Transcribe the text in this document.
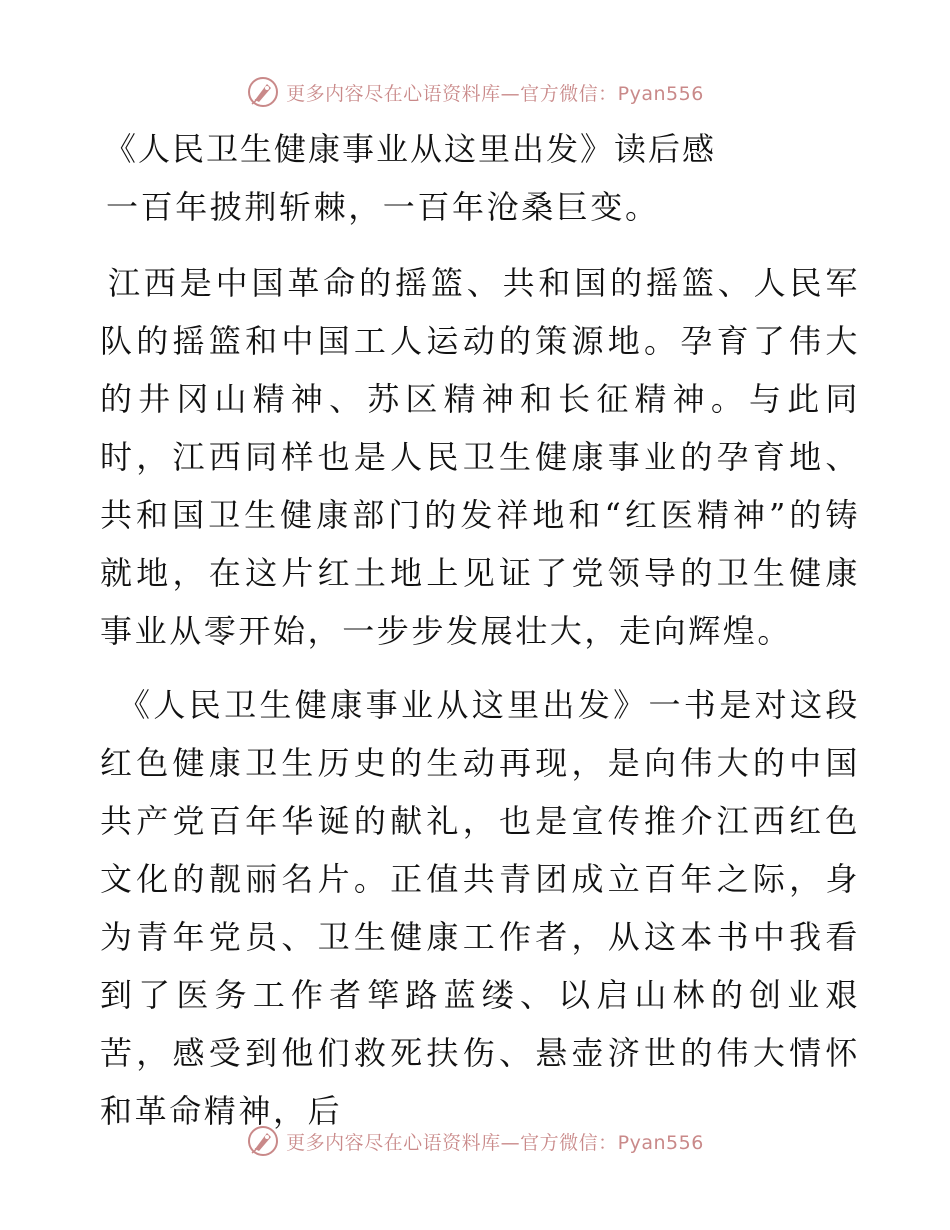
更多内容尽在心语资料库—官方微信：Pyan556
《人民卫生健康事业从这里出发》读后感

一百年披荆斩棘，一百年沧桑巨变。

江西是中国革命的摇篮、共和国的摇篮、人民军队的摇篮和中国工人运动的策源地。孕育了伟大的井冈山精神、苏区精神和长征精神。与此同时，江西同样也是人民卫生健康事业的孕育地、共和国卫生健康部门的发祥地和“红医精神”的铸就地，在这片红土地上见证了党领导的卫生健康事业从零开始，一步步发展壮大，走向辉煌。

《人民卫生健康事业从这里出发》一书是对这段红色健康卫生历史的生动再现，是向伟大的中国共产党百年华诞的献礼，也是宣传推介江西红色文化的靓丽名片。正值共青团成立百年之际，身为青年党员、卫生健康工作者，从这本书中我看到了医务工作者筚路蓝缕、以启山林的创业艰苦，感受到他们救死扶伤、悬壶济世的伟大情怀和革命精神，后

更多内容尽在心语资料库—官方微信：Pyan556
